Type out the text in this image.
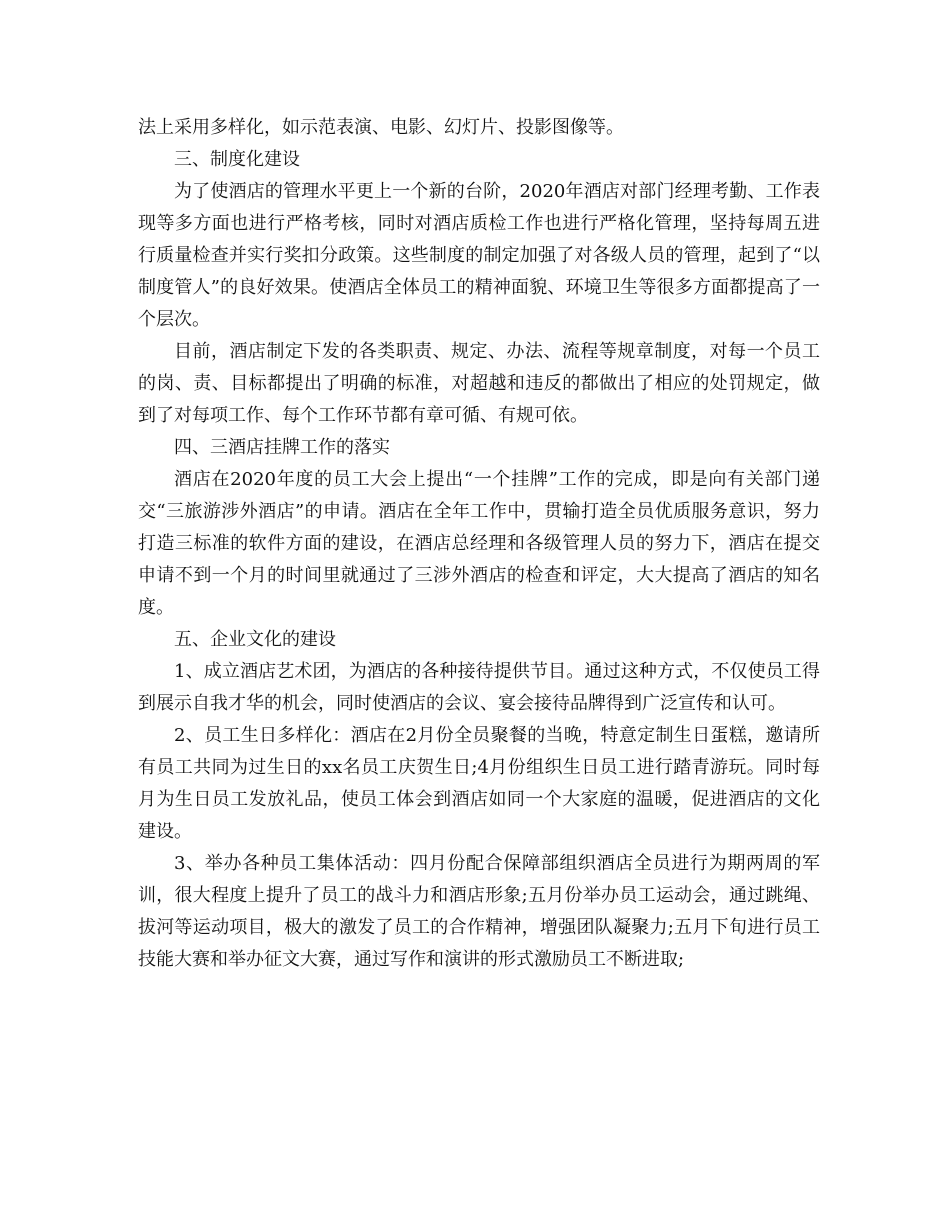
法上采用多样化，如示范表演、电影、幻灯片、投影图像等。

三、制度化建设

为了使酒店的管理水平更上一个新的台阶，2020年酒店对部门经理考勤、工作表现等多方面也进行严格考核，同时对酒店质检工作也进行严格化管理，坚持每周五进行质量检查并实行奖扣分政策。这些制度的制定加强了对各级人员的管理，起到了“以制度管人”的良好效果。使酒店全体员工的精神面貌、环境卫生等很多方面都提高了一个层次。

目前，酒店制定下发的各类职责、规定、办法、流程等规章制度，对每一个员工的岗、责、目标都提出了明确的标准，对超越和违反的都做出了相应的处罚规定，做到了对每项工作、每个工作环节都有章可循、有规可依。

四、三酒店挂牌工作的落实

酒店在2020年度的员工大会上提出“一个挂牌”工作的完成，即是向有关部门递交“三旅游涉外酒店”的申请。酒店在全年工作中，贯输打造全员优质服务意识，努力打造三标准的软件方面的建设，在酒店总经理和各级管理人员的努力下，酒店在提交申请不到一个月的时间里就通过了三涉外酒店的检查和评定，大大提高了酒店的知名度。

五、企业文化的建设

1、成立酒店艺术团，为酒店的各种接待提供节目。通过这种方式，不仅使员工得到展示自我才华的机会，同时使酒店的会议、宴会接待品牌得到广泛宣传和认可。

2、员工生日多样化：酒店在2月份全员聚餐的当晚，特意定制生日蛋糕，邀请所有员工共同为过生日的xx名员工庆贺生日;4月份组织生日员工进行踏青游玩。同时每月为生日员工发放礼品，使员工体会到酒店如同一个大家庭的温暖，促进酒店的文化建设。

3、举办各种员工集体活动：四月份配合保障部组织酒店全员进行为期两周的军训，很大程度上提升了员工的战斗力和酒店形象;五月份举办员工运动会，通过跳绳、拔河等运动项目，极大的激发了员工的合作精神，增强团队凝聚力;五月下旬进行员工技能大赛和举办征文大赛，通过写作和演讲的形式激励员工不断进取;
